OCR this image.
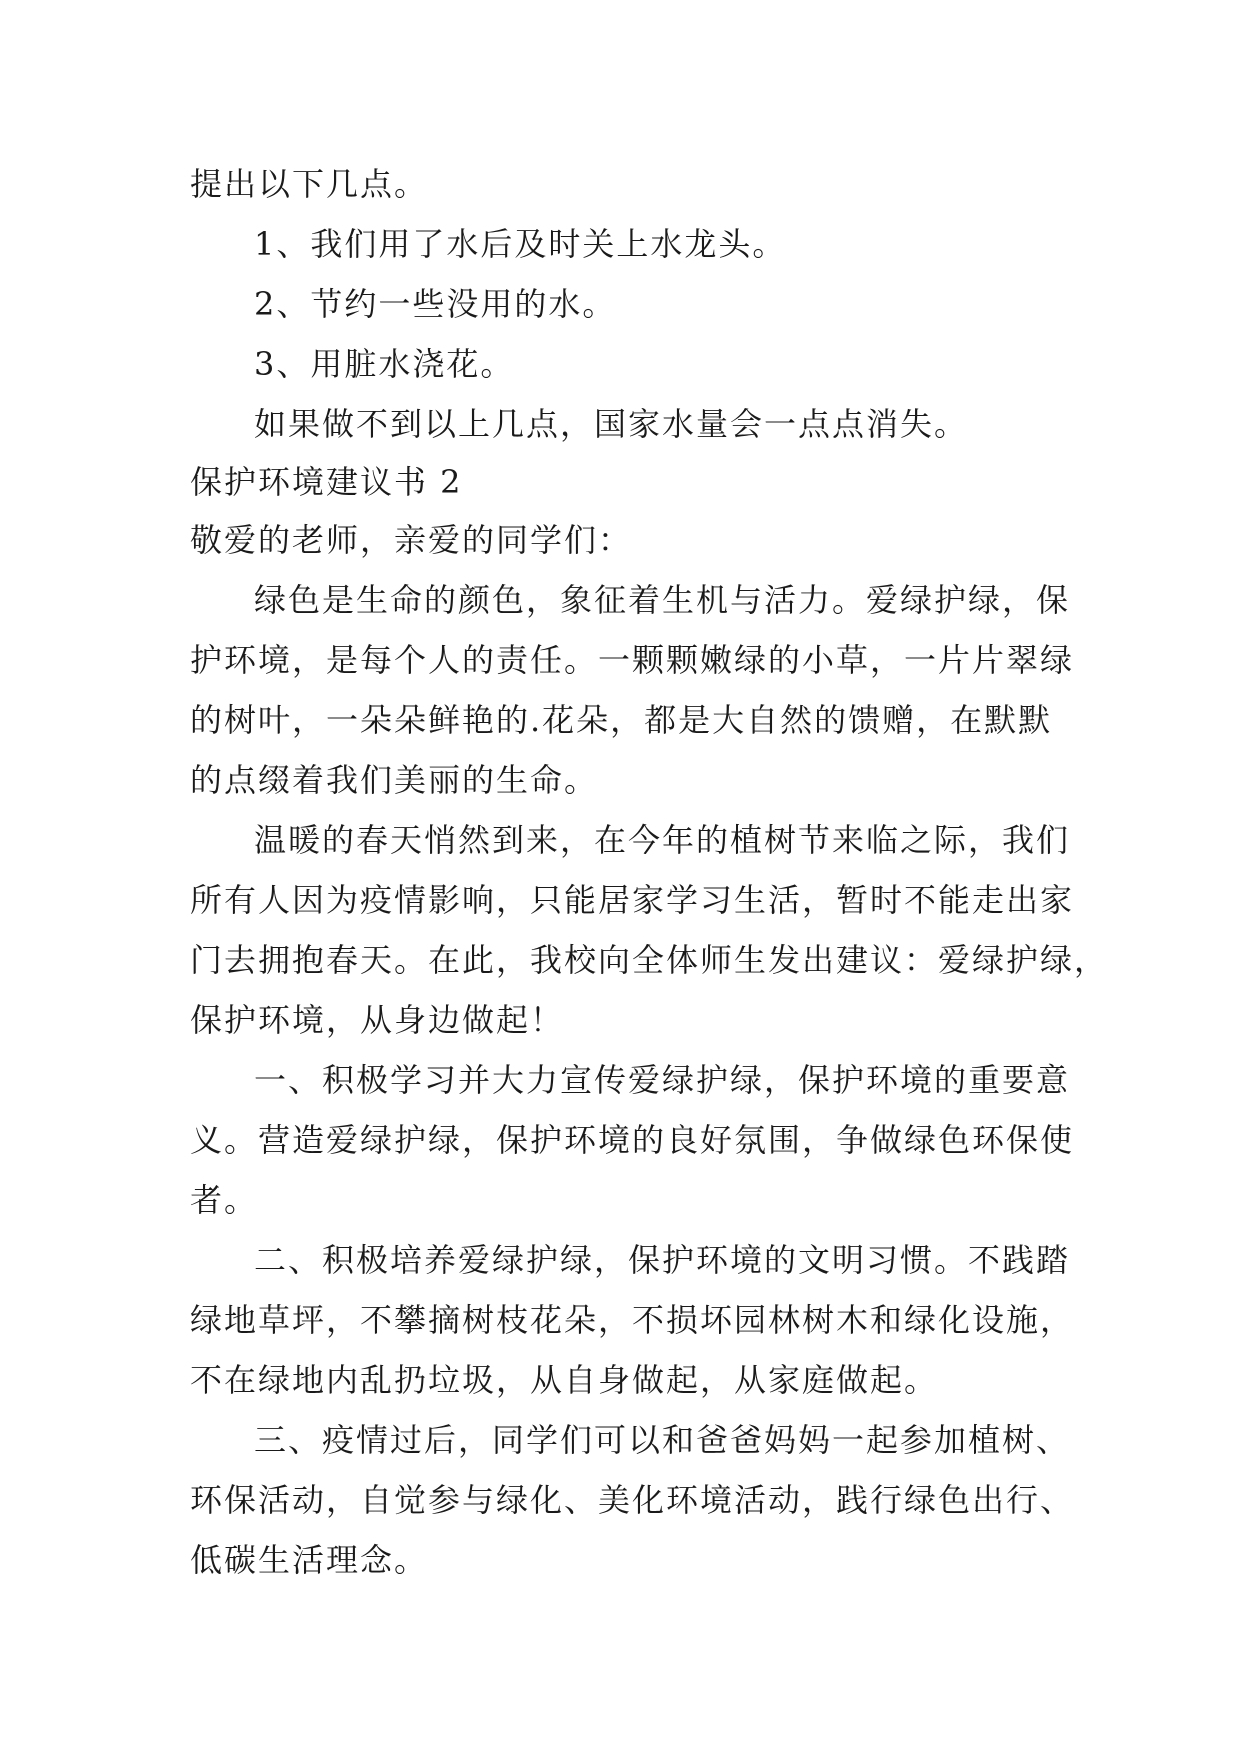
提出以下几点。
1、我们用了水后及时关上水龙头。
2、节约一些没用的水。
3、用脏水浇花。
如果做不到以上几点，国家水量会一点点消失。
保护环境建议书 2
敬爱的老师，亲爱的同学们：
绿色是生命的颜色，象征着生机与活力。爱绿护绿，保
护环境，是每个人的责任。一颗颗嫩绿的小草，一片片翠绿
的树叶，一朵朵鲜艳的.花朵，都是大自然的馈赠，在默默
的点缀着我们美丽的生命。
温暖的春天悄然到来，在今年的植树节来临之际，我们
所有人因为疫情影响，只能居家学习生活，暂时不能走出家
门去拥抱春天。在此，我校向全体师生发出建议：爱绿护绿，
保护环境，从身边做起！
一、积极学习并大力宣传爱绿护绿，保护环境的重要意
义。营造爱绿护绿，保护环境的良好氛围，争做绿色环保使
者。
二、积极培养爱绿护绿，保护环境的文明习惯。不践踏
绿地草坪，不攀摘树枝花朵，不损坏园林树木和绿化设施，
不在绿地内乱扔垃圾，从自身做起，从家庭做起。
三、疫情过后，同学们可以和爸爸妈妈一起参加植树、
环保活动，自觉参与绿化、美化环境活动，践行绿色出行、
低碳生活理念。
